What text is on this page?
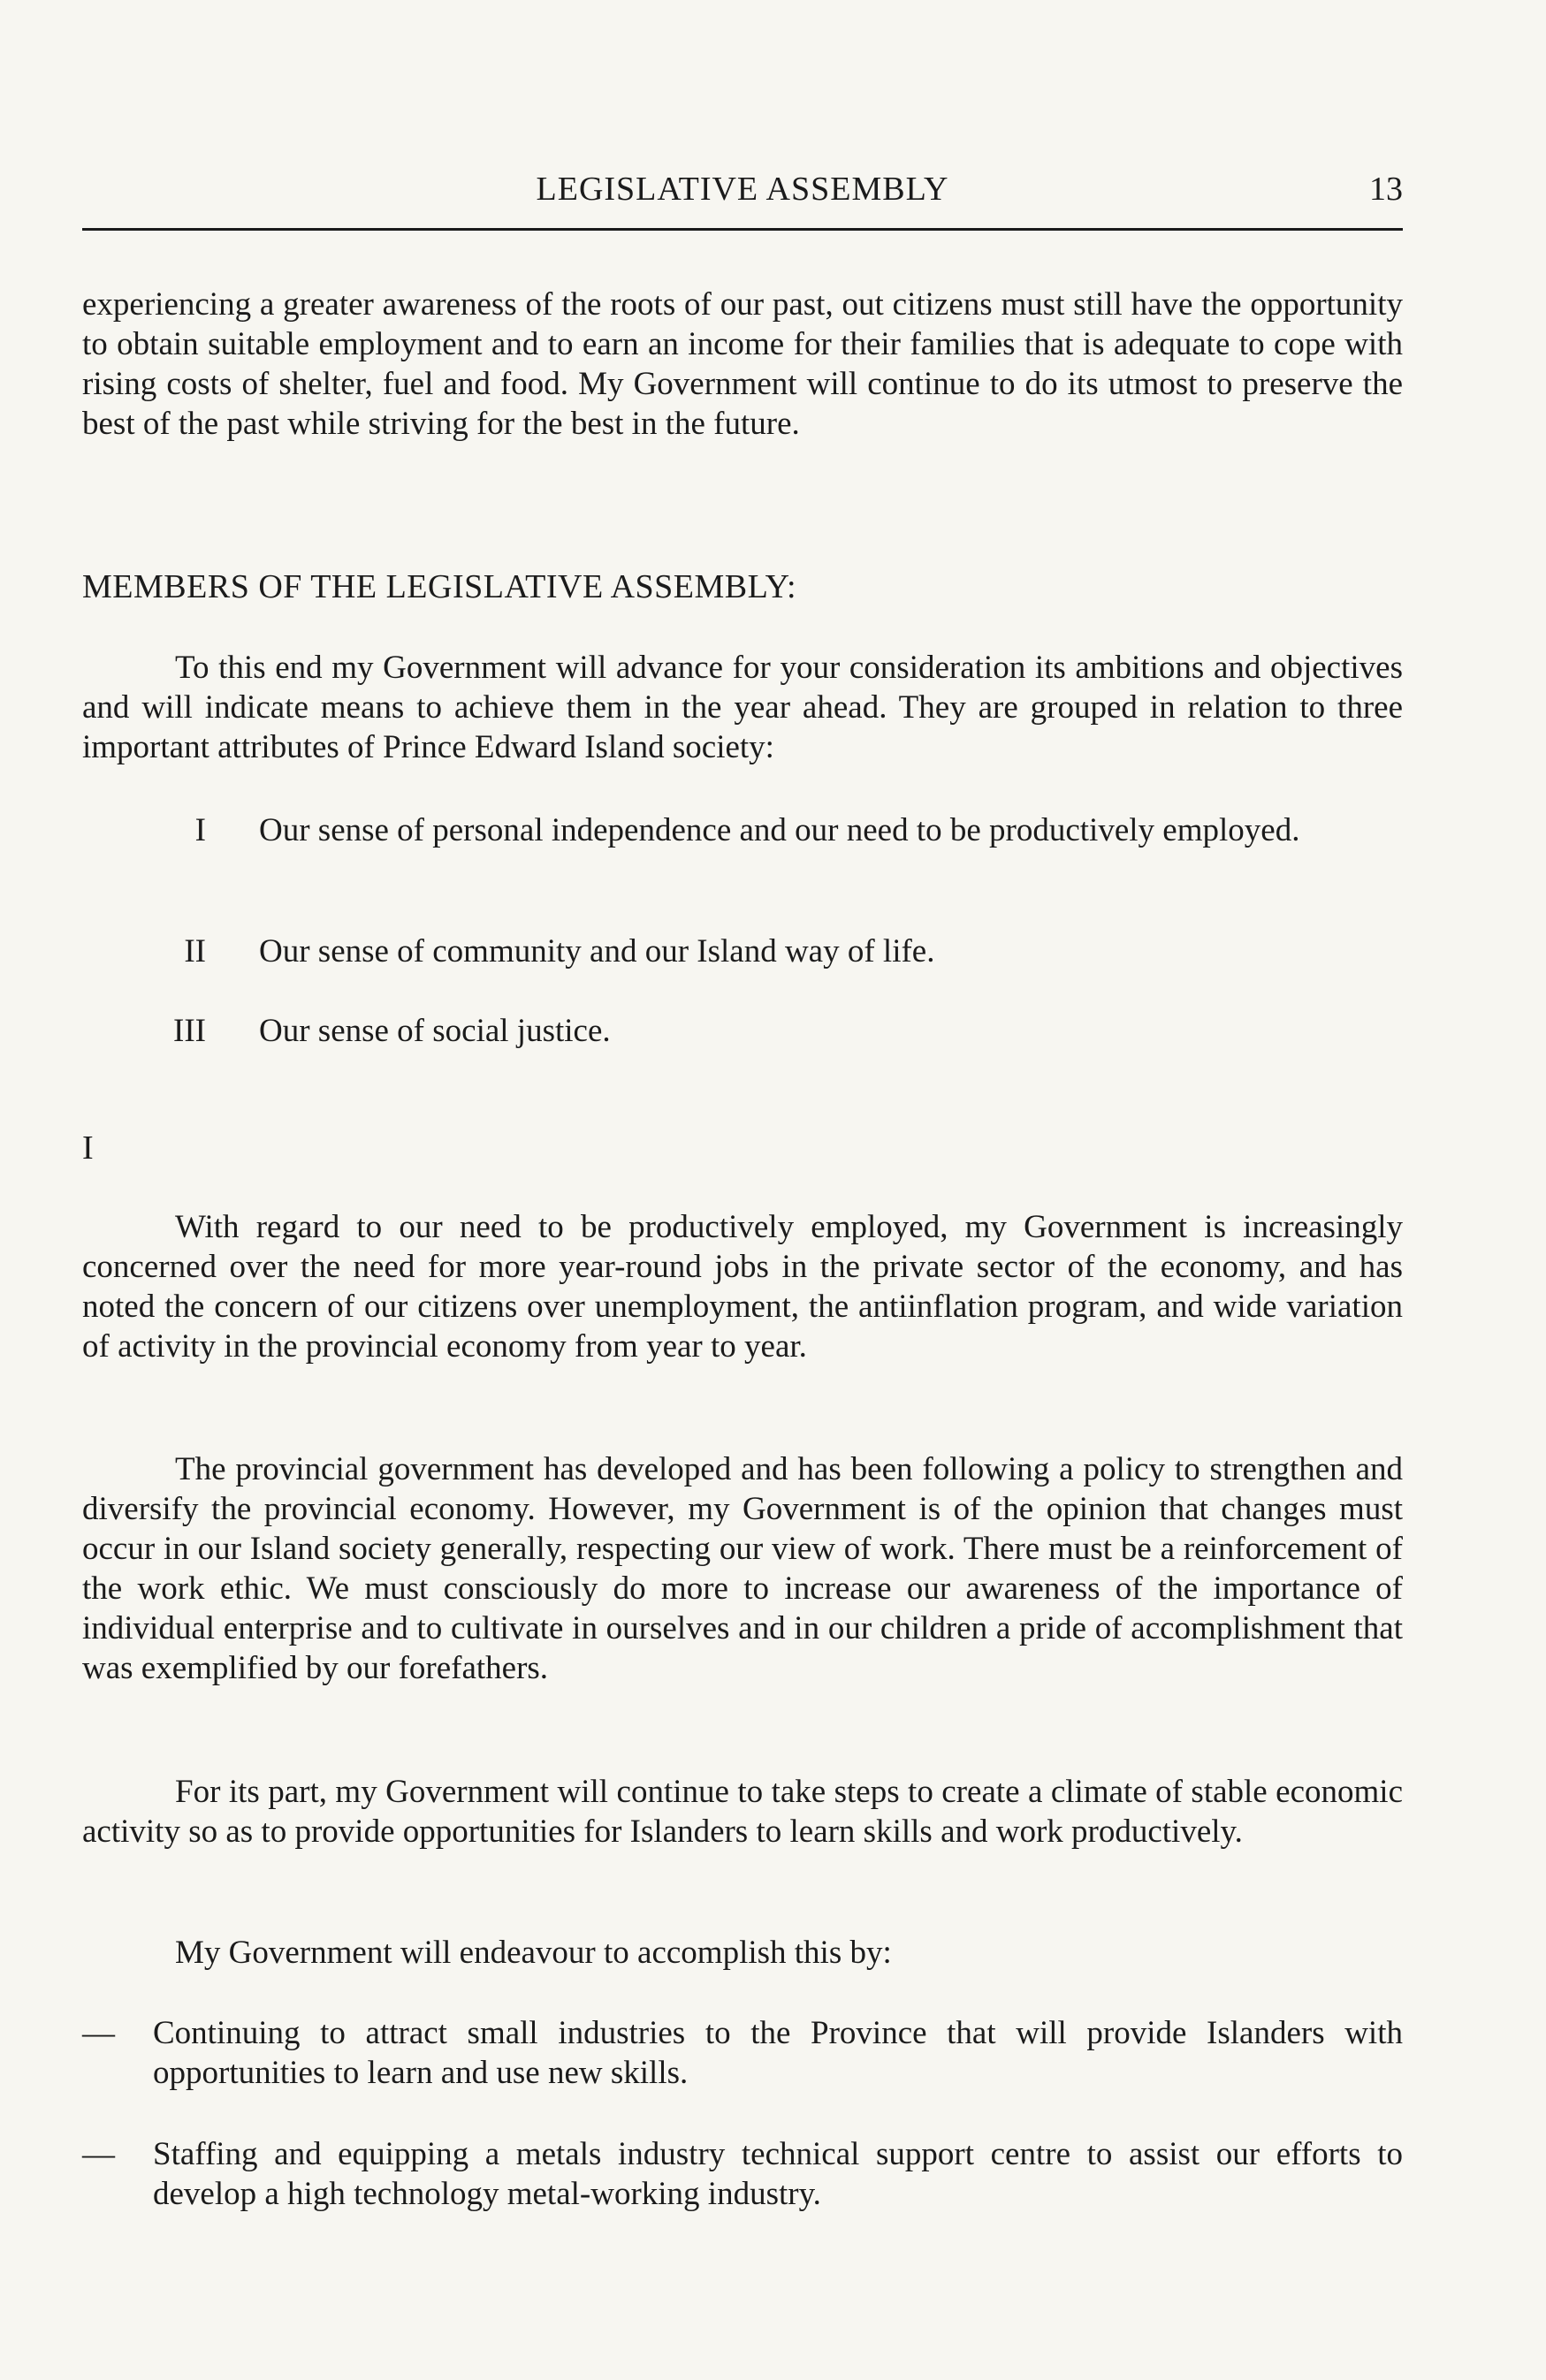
LEGISLATIVE ASSEMBLY	13
experiencing a greater awareness of the roots of our past, out citizens must still have the opportunity to obtain suitable employment and to earn an income for their families that is adequate to cope with rising costs of shelter, fuel and food. My Government will continue to do its utmost to preserve the best of the past while striving for the best in the future.
MEMBERS OF THE LEGISLATIVE ASSEMBLY:
To this end my Government will advance for your consideration its ambitions and objectives and will indicate means to achieve them in the year ahead. They are grouped in relation to three important attributes of Prince Edward Island society:
I Our sense of personal independence and our need to be productively employed.
II Our sense of community and our Island way of life.
III Our sense of social justice.
I
With regard to our need to be productively employed, my Government is increasingly concerned over the need for more year-round jobs in the private sector of the economy, and has noted the concern of our citizens over unemployment, the antiinflation program, and wide variation of activity in the provincial economy from year to year.
The provincial government has developed and has been following a policy to strengthen and diversify the provincial economy. However, my Government is of the opinion that changes must occur in our Island society generally, respecting our view of work. There must be a reinforcement of the work ethic. We must consciously do more to increase our awareness of the importance of individual enterprise and to cultivate in ourselves and in our children a pride of accomplishment that was exemplified by our forefathers.
For its part, my Government will continue to take steps to create a climate of stable economic activity so as to provide opportunities for Islanders to learn skills and work productively.
My Government will endeavour to accomplish this by:
—	Continuing to attract small industries to the Province that will provide Islanders with opportunities to learn and use new skills.
—	Staffing and equipping a metals industry technical support centre to assist our efforts to develop a high technology metal-working industry.
